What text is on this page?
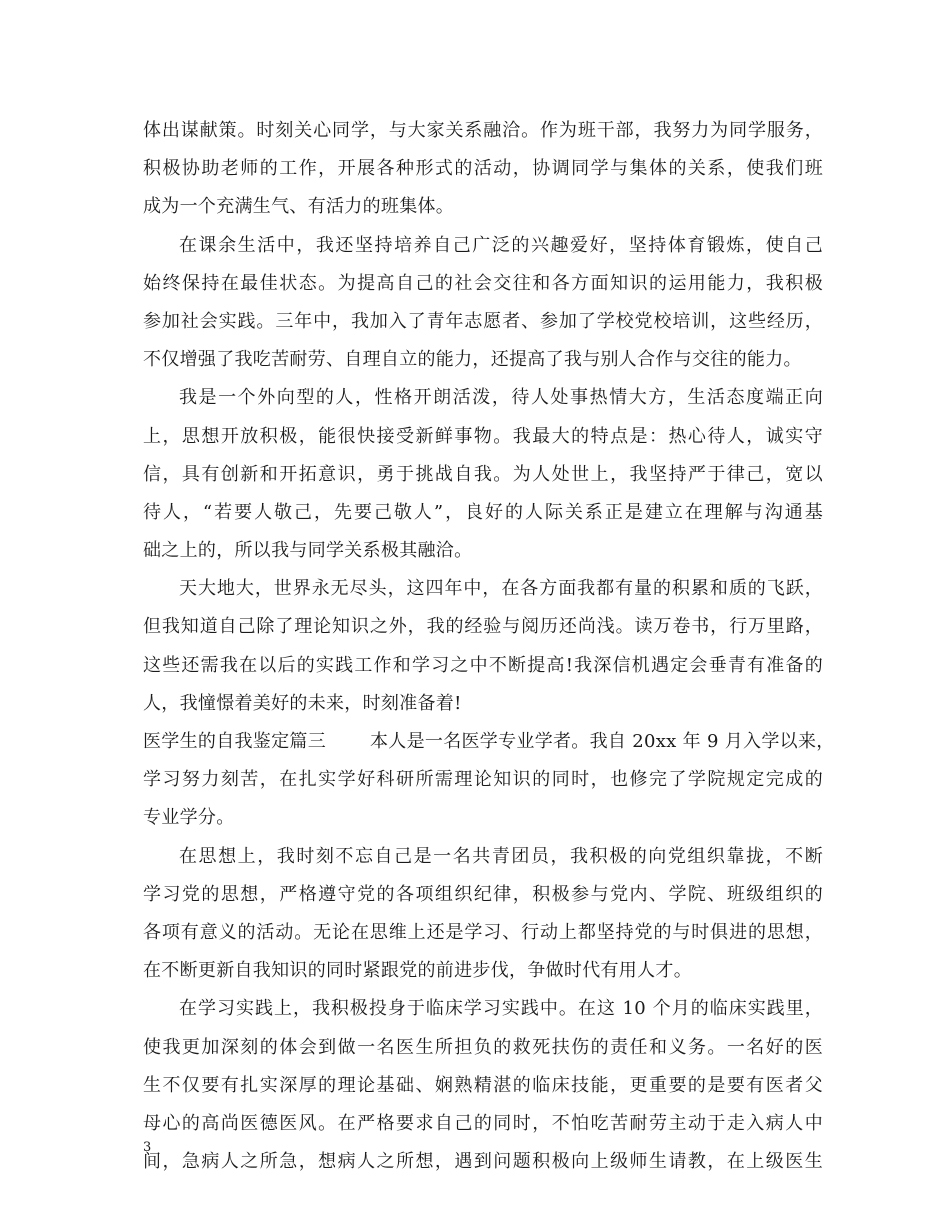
体出谋献策。时刻关心同学，与大家关系融洽。作为班干部，我努力为同学服务，
积极协助老师的工作，开展各种形式的活动，协调同学与集体的关系，使我们班
成为一个充满生气、有活力的班集体。
在课余生活中，我还坚持培养自己广泛的兴趣爱好，坚持体育锻炼，使自己
始终保持在最佳状态。为提高自己的社会交往和各方面知识的运用能力，我积极
参加社会实践。三年中，我加入了青年志愿者、参加了学校党校培训，这些经历，
不仅增强了我吃苦耐劳、自理自立的能力，还提高了我与别人合作与交往的能力。
我是一个外向型的人，性格开朗活泼，待人处事热情大方，生活态度端正向
上，思想开放积极，能很快接受新鲜事物。我最大的特点是：热心待人，诚实守
信，具有创新和开拓意识，勇于挑战自我。为人处世上，我坚持严于律己，宽以
待人，“若要人敬己，先要己敬人”，良好的人际关系正是建立在理解与沟通基
础之上的，所以我与同学关系极其融洽。
天大地大，世界永无尽头，这四年中，在各方面我都有量的积累和质的飞跃，
但我知道自己除了理论知识之外，我的经验与阅历还尚浅。读万卷书，行万里路，
这些还需我在以后的实践工作和学习之中不断提高!我深信机遇定会垂青有准备的
人，我憧憬着美好的未来，时刻准备着!
医学生的自我鉴定篇三 本人是一名医学专业学者。我自 20xx 年 9 月入学以来，
学习努力刻苦，在扎实学好科研所需理论知识的同时，也修完了学院规定完成的
专业学分。
在思想上，我时刻不忘自己是一名共青团员，我积极的向党组织靠拢，不断
学习党的思想，严格遵守党的各项组织纪律，积极参与党内、学院、班级组织的
各项有意义的活动。无论在思维上还是学习、行动上都坚持党的与时俱进的思想，
在不断更新自我知识的同时紧跟党的前进步伐，争做时代有用人才。
在学习实践上，我积极投身于临床学习实践中。在这 10 个月的临床实践里，
使我更加深刻的体会到做一名医生所担负的救死扶伤的责任和义务。一名好的医
生不仅要有扎实深厚的理论基础、娴熟精湛的临床技能，更重要的是要有医者父
母心的高尚医德医风。在严格要求自己的同时，不怕吃苦耐劳主动于走入病人中
间，急病人之所急，想病人之所想，遇到问题积极向上级师生请教，在上级医生
3
